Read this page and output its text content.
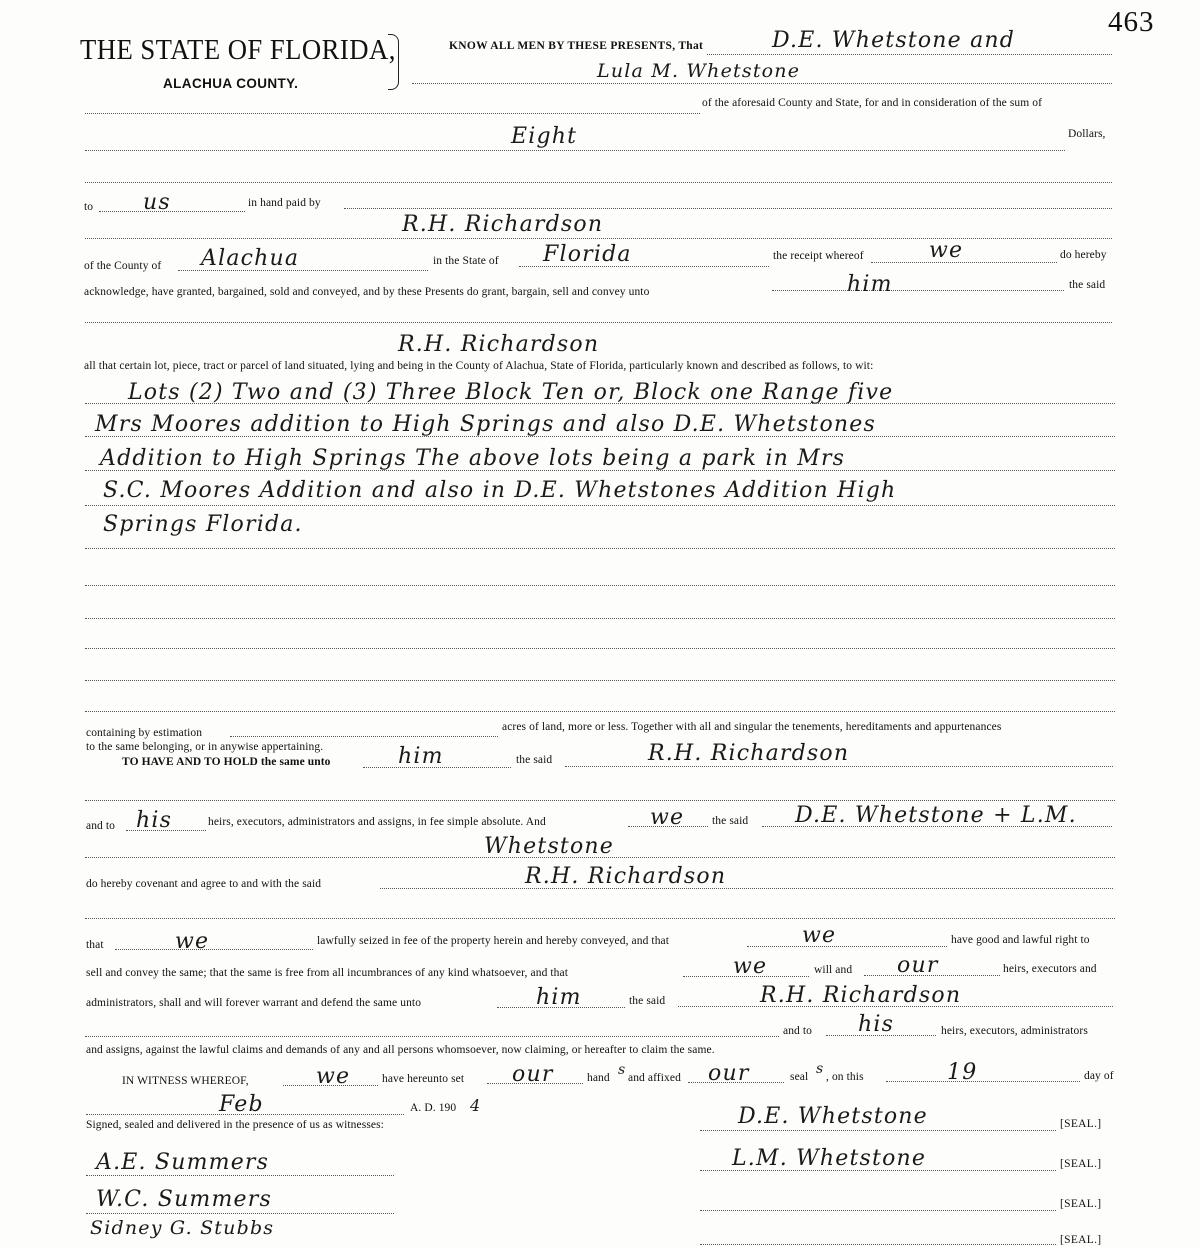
463
THE STATE OF FLORIDA,
ALACHUA COUNTY.
KNOW ALL MEN BY THESE PRESENTS, That	D.E. Whetstone and
Lula M. Whetstone
of the aforesaid County and State, for and in consideration of the sum of
Eight	Dollars,
to us	in hand paid by
R.H. Richardson
of the County of Alachua	in the State of Florida	the receipt whereof	we	do hereby
acknowledge, have granted, bargained, sold and conveyed, and by these Presents do grant, bargain, sell and convey unto	him	the said
R.H. Richardson
all that certain lot, piece, tract or parcel of land situated, lying and being in the County of Alachua, State of Florida, particularly known and described as follows, to wit:
Lots (2) Two and (3) Three Block Ten or, Block one Range five
Mrs Moores addition to High Springs and also D.E. Whetstones
Addition to High Springs The above lots being a park in Mrs
S.C. Moores Addition and also in D.E. Whetstones Addition High
Springs Florida.
containing by estimation	acres of land, more or less. Together with all and singular the tenements, hereditaments and appurtenances
to the same belonging, or in anywise appertaining.
TO HAVE AND TO HOLD the same unto	him	the said	R.H. Richardson
and to his	heirs, executors, administrators and assigns, in fee simple absolute. And	we the said D.E. Whetstone + L.M.
Whetstone
do hereby covenant and agree to and with the said	R.H. Richardson
that	we	lawfully seized in fee of the property herein and hereby conveyed, and that	we	have good and lawful right to
sell and convey the same; that the same is free from all incumbrances of any kind whatsoever, and that	we	will and our	heirs, executors and
administrators, shall and will forever warrant and defend the same unto	him	the said	R.H. Richardson
and to his	heirs, executors, administrators
and assigns, against the lawful claims and demands of any and all persons whomsoever, now claiming, or hereafter to claim the same.
IN WITNESS WHEREOF,	we	have hereunto set our	hand s and affixed our	seal s , on this	19	day of
Feb	A. D. 190 4
Signed, sealed and delivered in the presence of us as witnesses:
A.E. Summers
W.C. Summers
Sidney G. Stubbs
D.E. Whetstone	[SEAL.]
L.M. Whetstone	[SEAL.]
[SEAL.]
[SEAL.]
